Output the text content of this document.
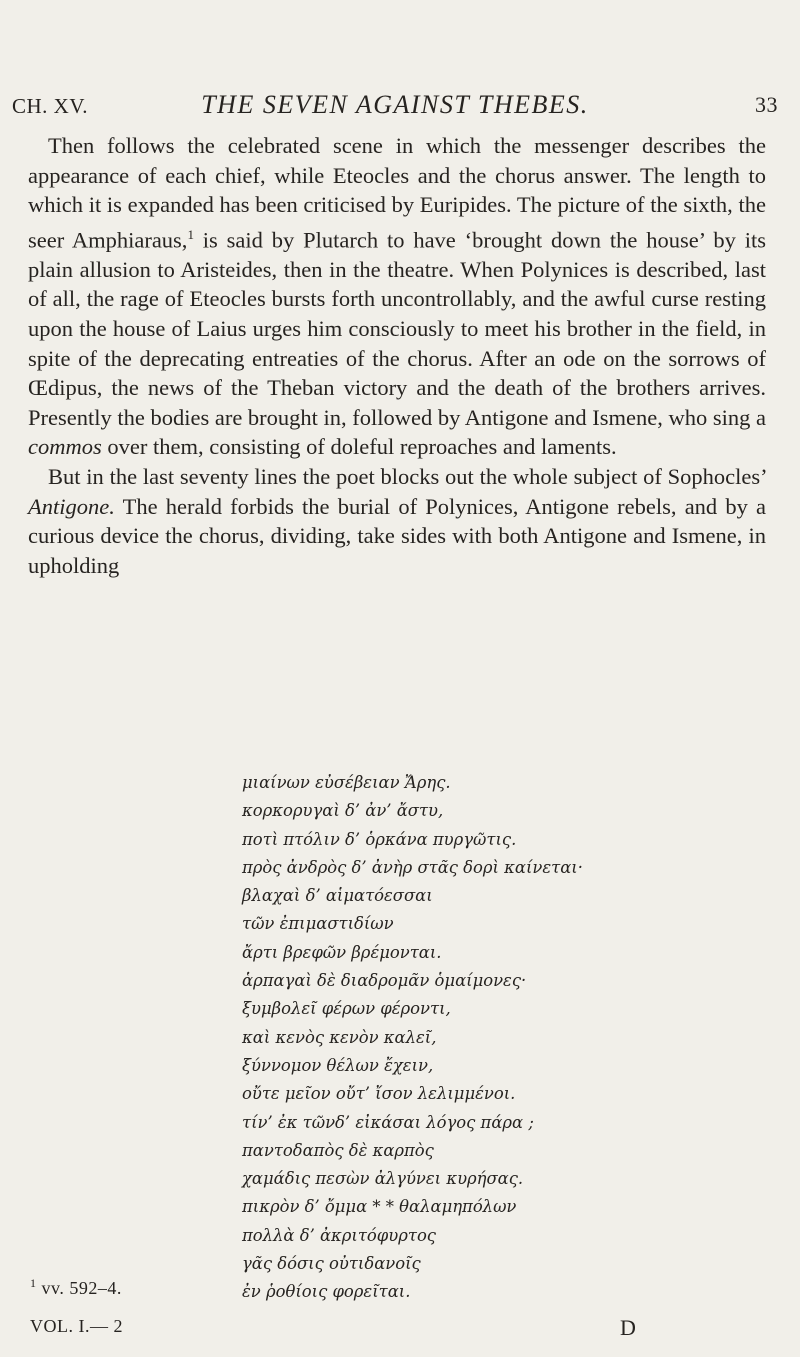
CH. XV.	THE SEVEN AGAINST THEBES.	33

Then follows the celebrated scene in which the messenger describes the appearance of each chief, while Eteocles and the chorus answer. The length to which it is expanded has been criticised by Euripides. The picture of the sixth, the seer Amphiaraus,$^1$ is said by Plutarch to have ‘brought down the house’ by its plain allusion to Aristeides, then in the theatre. When Polynices is described, last of all, the rage of Eteocles bursts forth uncontrollably, and the awful curse resting upon the house of Laius urges him consciously to meet his brother in the field, in spite of the deprecating entreaties of the chorus. After an ode on the sorrows of Œdipus, the news of the Theban victory and the death of the brothers arrives. Presently the bodies are brought in, followed by Antigone and Ismene, who sing a commos over them, consisting of doleful reproaches and laments.

But in the last seventy lines the poet blocks out the whole subject of Sophocles’ Antigone. The herald forbids the burial of Polynices, Antigone rebels, and by a curious device the chorus, dividing, take sides with both Antigone and Ismene, in upholding

μιαίνων εὐσέβειαν Ἄρης.
κορκορυγαὶ δ’ ἀν’ ἄστυ,
ποτὶ πτόλιν δ’ ὁρκάνα πυργῶτις.
πρὸς ἀνδρὸς δ’ ἀνὴρ στᾶς δορὶ καίνεται·
βλαχαὶ δ’ αἱματόεσσαι
τῶν ἐπιμαστιδίων
ἄρτι βρεφῶν βρέμονται.
ἁρπαγαὶ δὲ διαδρομᾶν ὁμαίμονες·
ξυμβολεῖ φέρων φέροντι,
καὶ κενὸς κενὸν καλεῖ,
ξύννομον θέλων ἔχειν,
οὔτε μεῖον οὔτ’ ἴσον λελιμμένοι.
τίν’ ἐκ τῶνδ’ εἰκάσαι λόγος πάρα ;
παντοδαπὸς δὲ καρπὸς
χαμάδις πεσὼν ἀλγύνει κυρήσας.
πικρὸν δ’ ὄμμα * * θαλαμηπόλων
πολλὰ δ’ ἀκριτόφυρτος
γᾶς δόσις οὐτιδανοῖς
ἐν ῥοθίοις φορεῖται.
$^1$ vv. 592–4.
VOL. I.— 2	D
